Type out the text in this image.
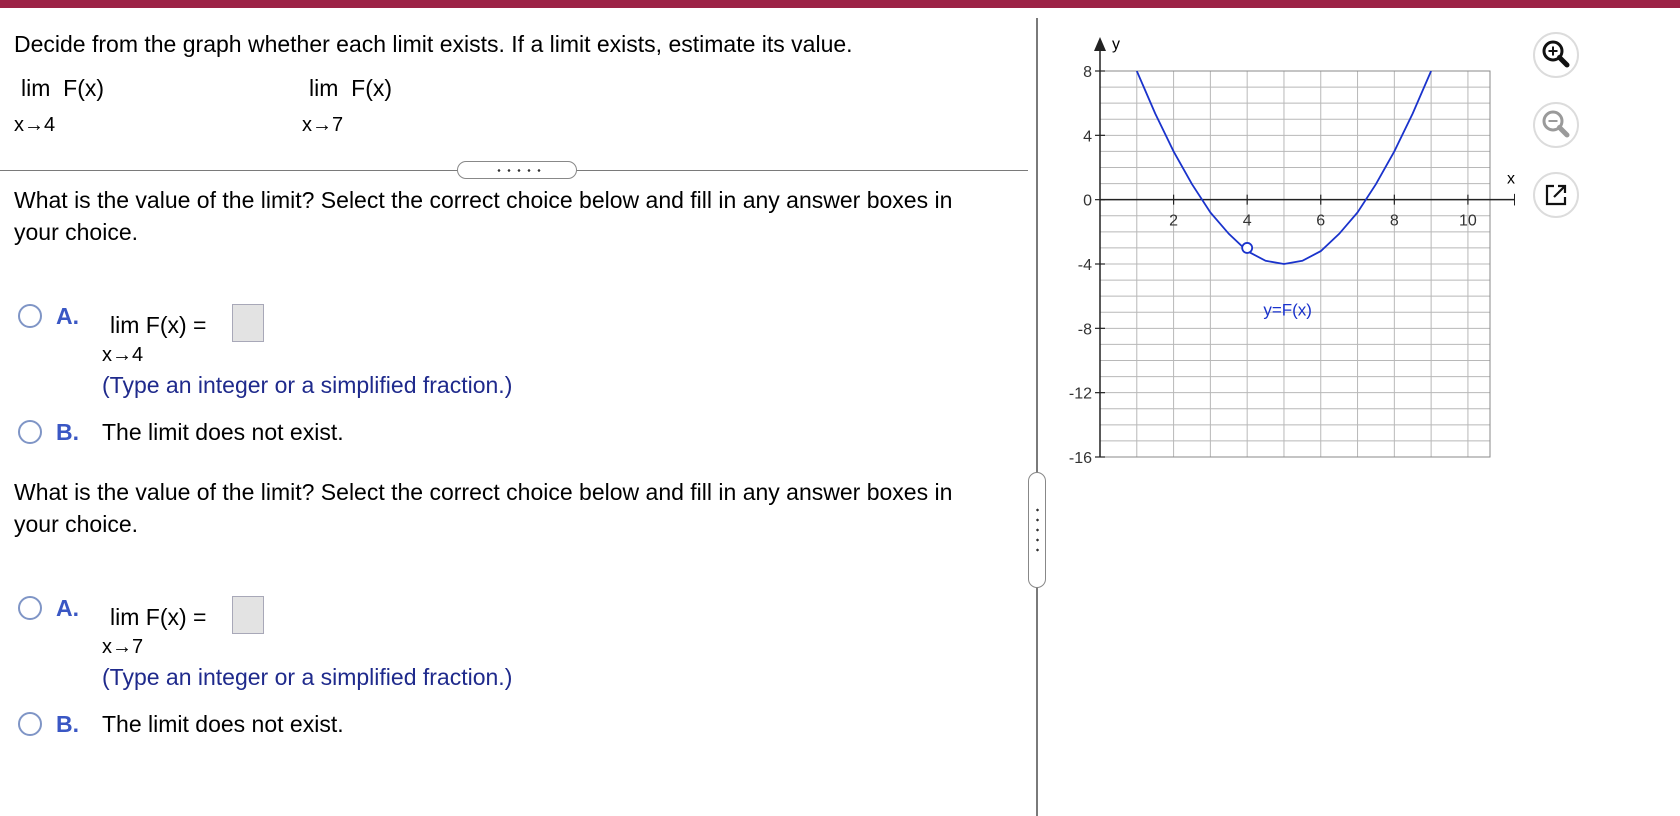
Decide from the graph whether each limit exists. If a limit exists, estimate its value.
lim  F(x)
x→4
lim  F(x)
x→7
What is the value of the limit? Select the correct choice below and fill in any answer boxes in your choice.
A. lim F(x) =
x→4
(Type an integer or a simplified fraction.)
B. The limit does not exist.
What is the value of the limit? Select the correct choice below and fill in any answer boxes in your choice.
A. lim F(x) =
x→7
(Type an integer or a simplified fraction.)
B. The limit does not exist.
y
x
8
4
0
-4
-8
-12
-16
2	4	6	8	10
y=F(x)
